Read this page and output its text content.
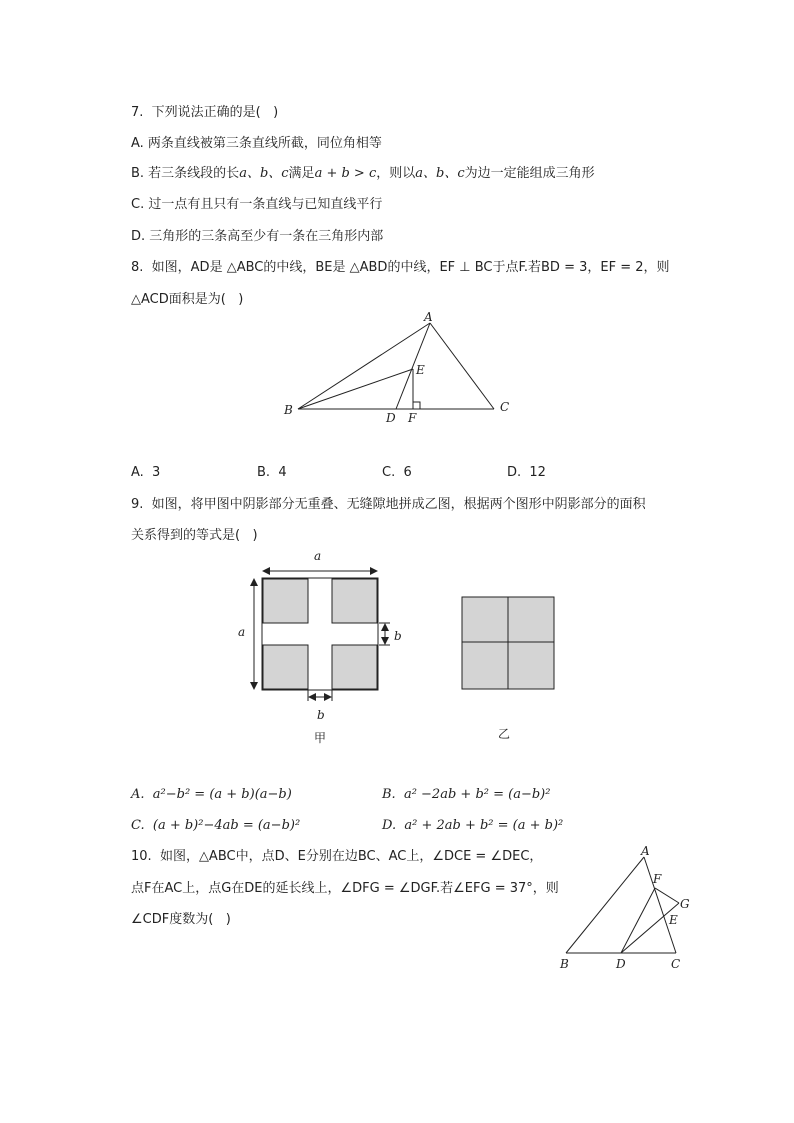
7.  下列说法正确的是(   )
A. 两条直线被第三条直线所截，同位角相等
B. 若三条线段的长a、b、c满足a + b > c，则以a、b、c为边一定能组成三角形
C. 过一点有且只有一条直线与已知直线平行
D. 三角形的三条高至少有一条在三角形内部
8.  如图，AD是 △ABC的中线，BE是 △ABD的中线，EF ⊥ BC于点F.若BD = 3，EF = 2，则
△ACD面积是为(   )
A
E
B
D F
C
A.  3	B.  4	C.  6	D.  12
9.  如图，将甲图中阴影部分无重叠、无缝隙地拼成乙图，根据两个图形中阴影部分的面积
关系得到的等式是(   )
a
a	b
b
甲	乙
A.  a²−b² = (a + b)(a−b)	B.  a² −2ab + b² = (a−b)²
C.  (a + b)²−4ab = (a−b)²	D.  a² + 2ab + b² = (a + b)²
10.  如图，△ABC中，点D、E分别在边BC、AC上，∠DCE = ∠DEC，
点F在AC上，点G在DE的延长线上，∠DFG = ∠DGF.若∠EFG = 37°，则
∠CDF度数为(   )
A
F
G
E
B	D	C
